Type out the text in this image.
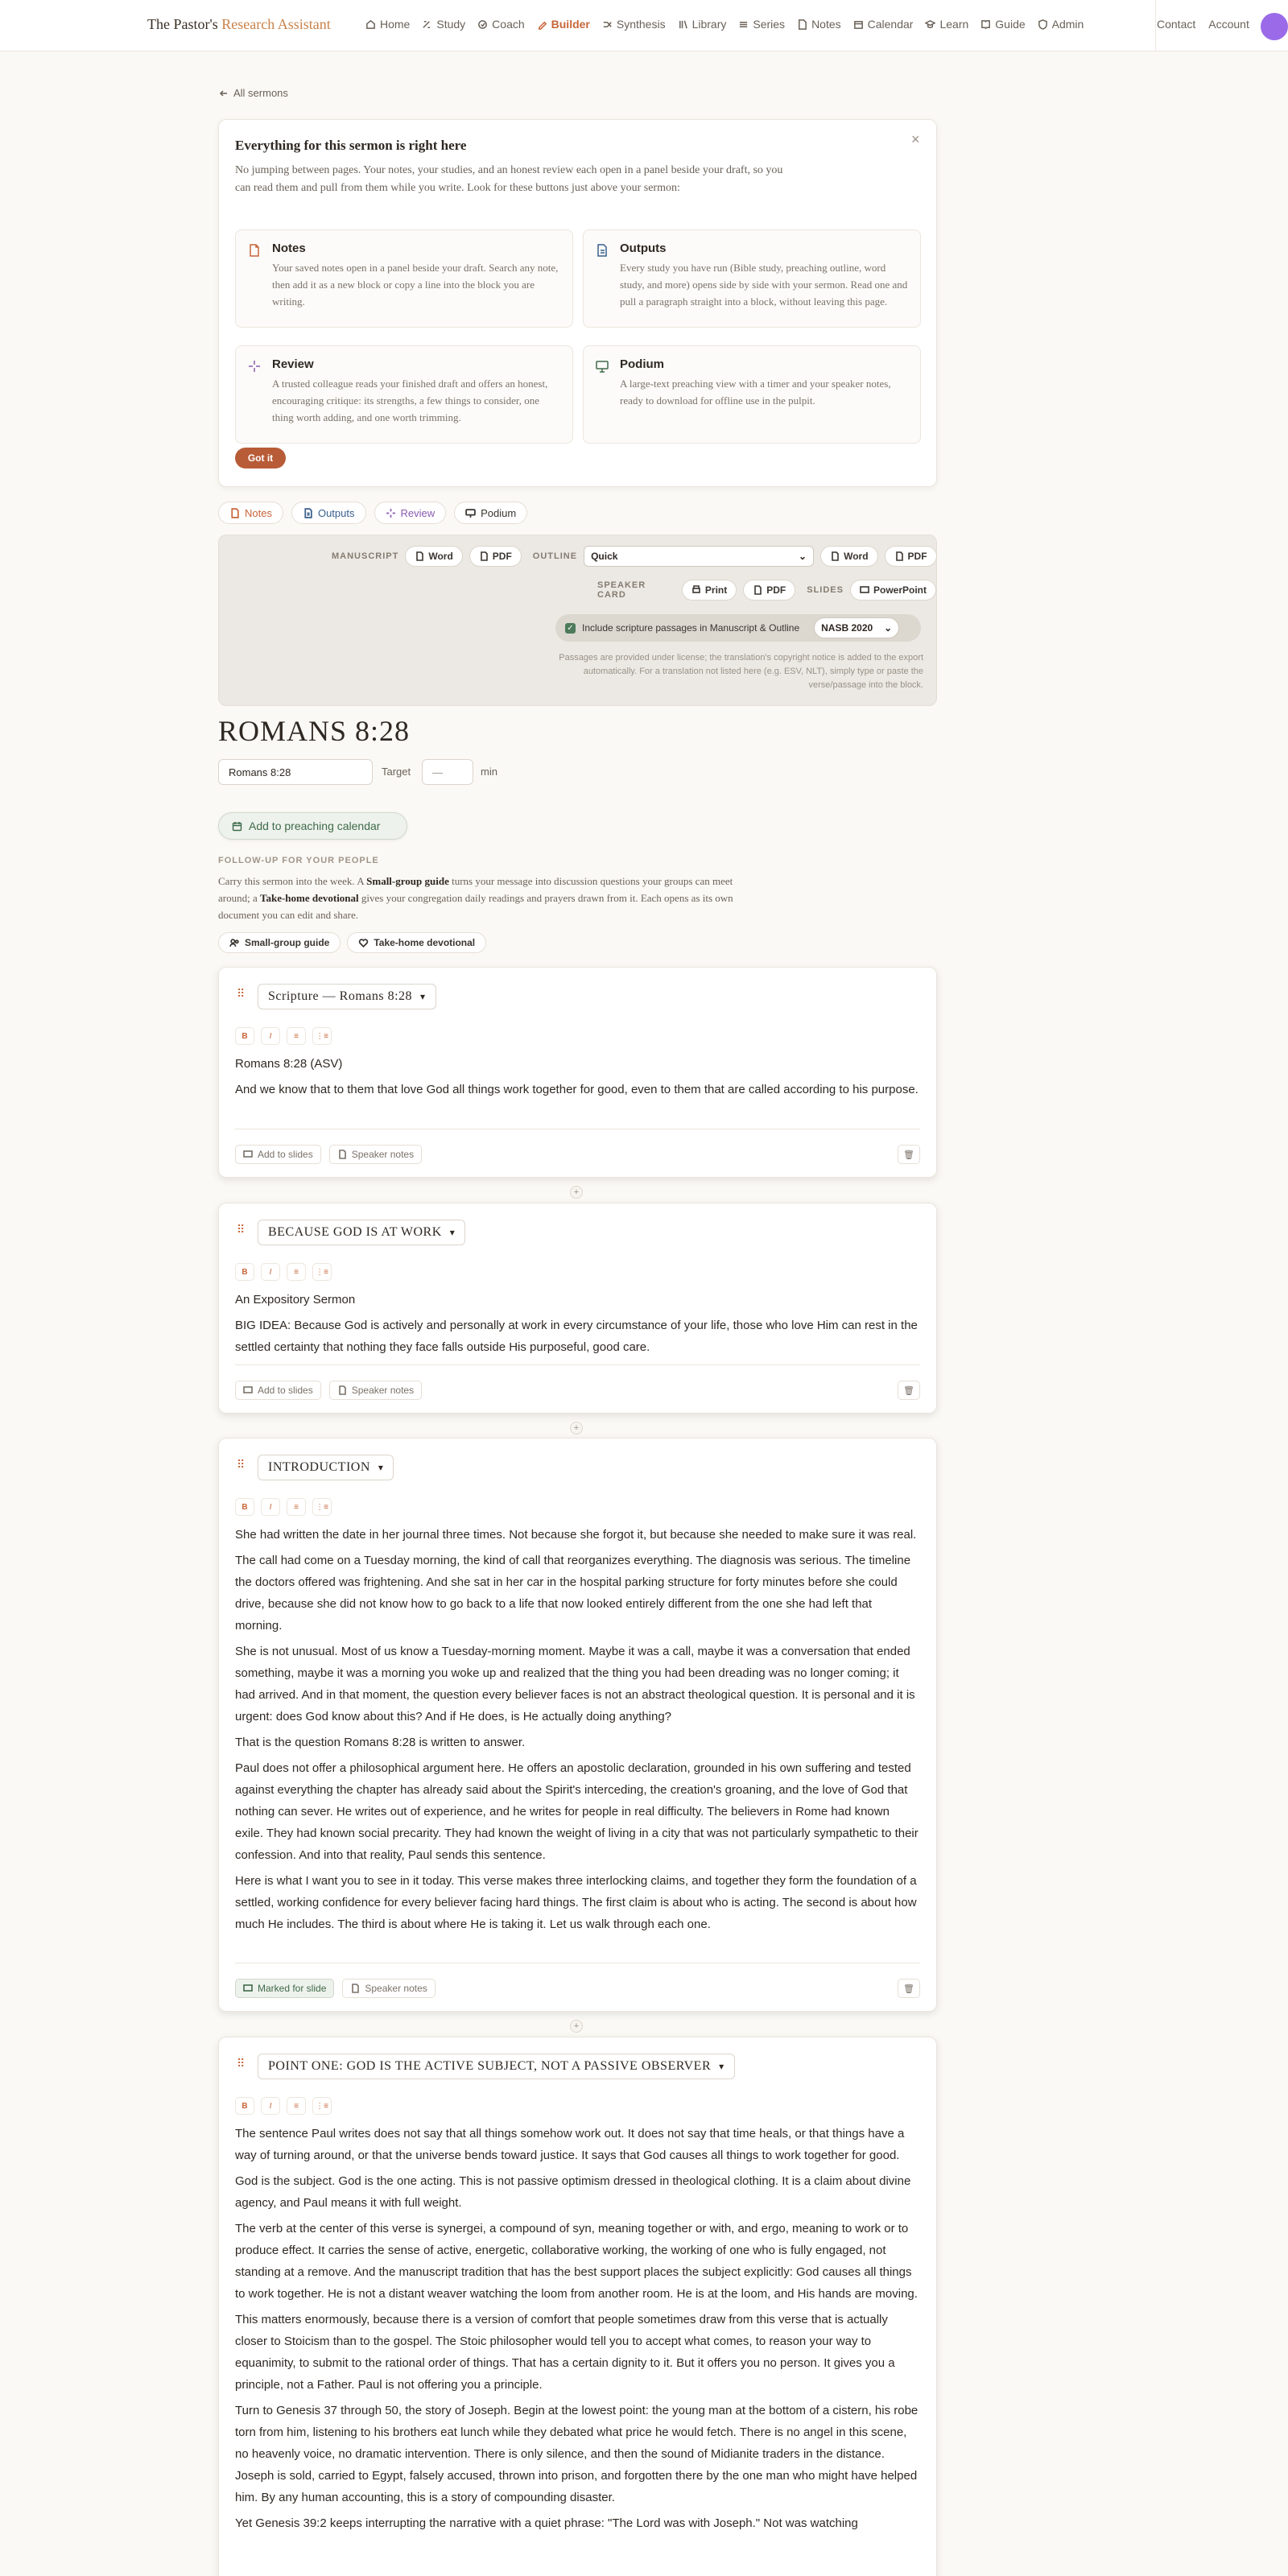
The Pastor's Research Assistant	Home Study Coach Builder Synthesis Library Series Notes Calendar Learn Guide Admin	Contact Account
All sermons
Everything for this sermon is right here	×
No jumping between pages. Your notes, your studies, and an honest review each open in a panel beside your draft, so you can read them and pull from them while you write. Look for these buttons just above your sermon:
Notes
Your saved notes open in a panel beside your draft. Search any note, then add it as a new block or copy a line into the block you are writing.
Outputs
Every study you have run (Bible study, preaching outline, word study, and more) opens side by side with your sermon. Read one and pull a paragraph straight into a block, without leaving this page.
Review
A trusted colleague reads your finished draft and offers an honest, encouraging critique: its strengths, a few things to consider, one thing worth adding, and one worth trimming.
Podium
A large-text preaching view with a timer and your speaker notes, ready to download for offline use in the pulpit.
Got it
Notes	Outputs	Review	Podium
MANUSCRIPT	Word	PDF OUTLINE Quick	⌄	Word	PDF
SPEAKER CARD	Print	PDF SLIDES	PowerPoint
✓ Include scripture passages in Manuscript & Outline NASB 2020 ⌄
Passages are provided under license; the translation's copyright notice is added to the export automatically. For a translation not listed here (e.g. ESV, NLT), simply type or paste the verse/passage into the block.
ROMANS 8:28
Romans 8:28	Target	—	min
Add to preaching calendar
FOLLOW-UP FOR YOUR PEOPLE
Carry this sermon into the week. A Small-group guide turns your message into discussion questions your groups can meet around; a Take-home devotional gives your congregation daily readings and prayers drawn from it. Each opens as its own document you can edit and share.
Small-group guide	Take-home devotional
⠿ Scripture — Romans 8:28 ▾
B	I	≡	⋮≡

Romans 8:28 (ASV)

And we know that to them that love God all things work together for good, even to them that are called according to his purpose.

Add to slides	Speaker notes	🗑
+
⠿ BECAUSE GOD IS AT WORK ▾
B	I	≡	⋮≡

An Expository Sermon

BIG IDEA: Because God is actively and personally at work in every circumstance of your life, those who love Him can rest in the settled certainty that nothing they face falls outside His purposeful, good care.

Add to slides	Speaker notes	🗑
+
⠿ INTRODUCTION ▾
B	I	≡	⋮≡

She had written the date in her journal three times. Not because she forgot it, but because she needed to make sure it was real.

The call had come on a Tuesday morning, the kind of call that reorganizes everything. The diagnosis was serious. The timeline the doctors offered was frightening. And she sat in her car in the hospital parking structure for forty minutes before she could drive, because she did not know how to go back to a life that now looked entirely different from the one she had left that morning.

She is not unusual. Most of us know a Tuesday-morning moment. Maybe it was a call, maybe it was a conversation that ended something, maybe it was a morning you woke up and realized that the thing you had been dreading was no longer coming; it had arrived. And in that moment, the question every believer faces is not an abstract theological question. It is personal and it is urgent: does God know about this? And if He does, is He actually doing anything?

That is the question Romans 8:28 is written to answer.

Paul does not offer a philosophical argument here. He offers an apostolic declaration, grounded in his own suffering and tested against everything the chapter has already said about the Spirit's interceding, the creation's groaning, and the love of God that nothing can sever. He writes out of experience, and he writes for people in real difficulty. The believers in Rome had known exile. They had known social precarity. They had known the weight of living in a city that was not particularly sympathetic to their confession. And into that reality, Paul sends this sentence.

Here is what I want you to see in it today. This verse makes three interlocking claims, and together they form the foundation of a settled, working confidence for every believer facing hard things. The first claim is about who is acting. The second is about how much He includes. The third is about where He is taking it. Let us walk through each one.

Marked for slide	Speaker notes	🗑
+
⠿ POINT ONE: GOD IS THE ACTIVE SUBJECT, NOT A PASSIVE OBSERVER ▾
B	I	≡	⋮≡

The sentence Paul writes does not say that all things somehow work out. It does not say that time heals, or that things have a way of turning around, or that the universe bends toward justice. It says that God causes all things to work together for good.

God is the subject. God is the one acting. This is not passive optimism dressed in theological clothing. It is a claim about divine agency, and Paul means it with full weight.

The verb at the center of this verse is synergei, a compound of syn, meaning together or with, and ergo, meaning to work or to produce effect. It carries the sense of active, energetic, collaborative working, the working of one who is fully engaged, not standing at a remove. And the manuscript tradition that has the best support places the subject explicitly: God causes all things to work together. He is not a distant weaver watching the loom from another room. He is at the loom, and His hands are moving.

This matters enormously, because there is a version of comfort that people sometimes draw from this verse that is actually closer to Stoicism than to the gospel. The Stoic philosopher would tell you to accept what comes, to reason your way to equanimity, to submit to the rational order of things. That has a certain dignity to it. But it offers you no person. It gives you a principle, not a Father. Paul is not offering you a principle.

Turn to Genesis 37 through 50, the story of Joseph. Begin at the lowest point: the young man at the bottom of a cistern, his robe torn from him, listening to his brothers eat lunch while they debated what price he would fetch. There is no angel in this scene, no heavenly voice, no dramatic intervention. There is only silence, and then the sound of Midianite traders in the distance. Joseph is sold, carried to Egypt, falsely accused, thrown into prison, and forgotten there by the one man who might have helped him. By any human accounting, this is a story of compounding disaster.

Yet Genesis 39:2 keeps interrupting the narrative with a quiet phrase: "The Lord was with Joseph." Not was watching
